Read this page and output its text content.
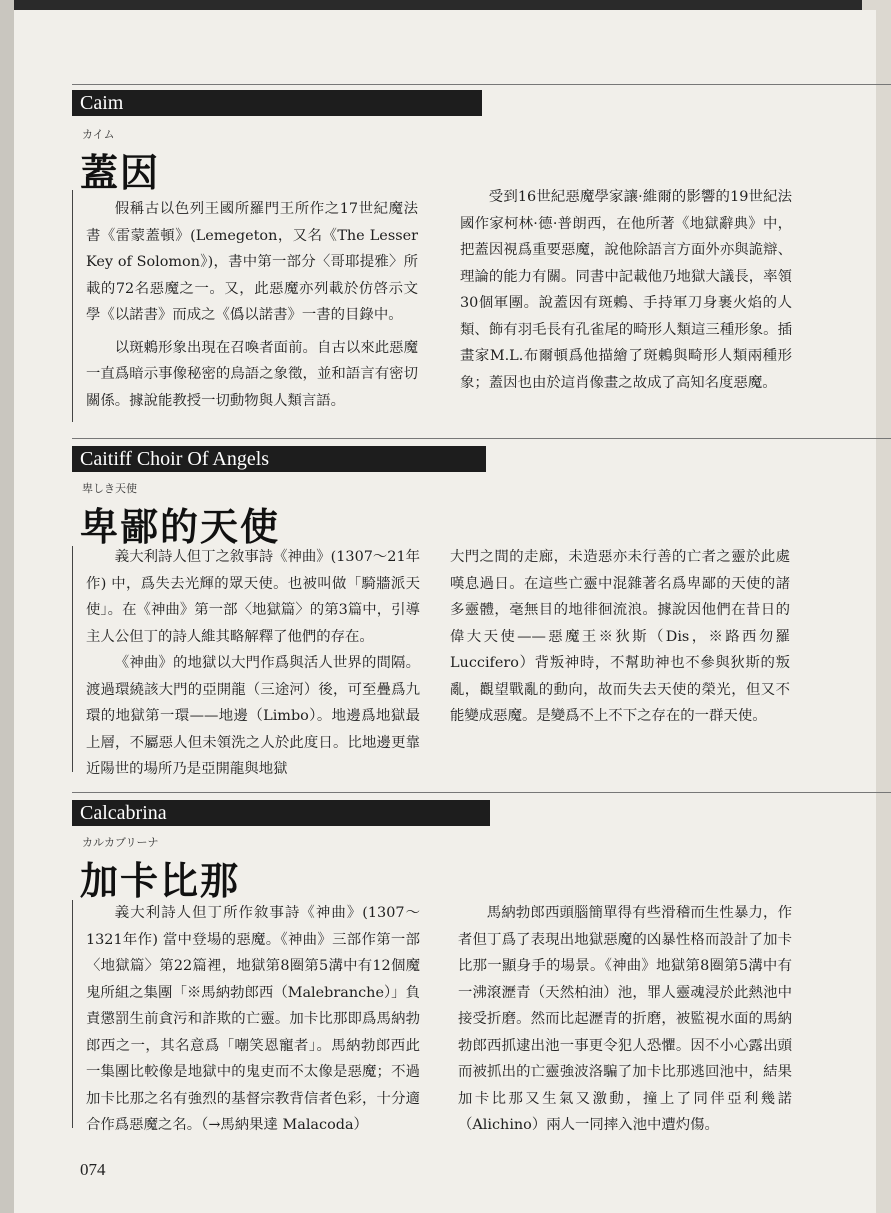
Caim
カイム
蓋因

假稱古以色列王國所羅門王所作之17世紀魔法書《雷蒙蓋頓》(Lemegeton，又名《The Lesser Key of Solomon》)，書中第一部分〈哥耶提雅〉所載的72名惡魔之一。又，此惡魔亦列載於仿啓示文學《以諾書》而成之《僞以諾書》一書的目錄中。

以斑鶇形象出現在召喚者面前。自古以來此惡魔一直爲暗示事像秘密的鳥語之象徵，並和語言有密切關係。據說能教授一切動物與人類言語。

受到16世紀惡魔學家讓·維爾的影響的19世紀法國作家柯林·德·普朗西，在他所著《地獄辭典》中，把蓋因視爲重要惡魔，說他除語言方面外亦與詭辯、理論的能力有關。同書中記載他乃地獄大議長，率領30個軍團。說蓋因有斑鶇、手持軍刀身裹火焰的人類、飾有羽毛長有孔雀尾的畸形人類這三種形象。插畫家M.L.布爾頓爲他描繪了斑鶇與畸形人類兩種形象；蓋因也由於這肖像畫之故成了高知名度惡魔。

Caitiff Choir Of Angels
卑しき天使
卑鄙的天使

義大利詩人但丁之敘事詩《神曲》(1307～21年作) 中，爲失去光輝的眾天使。也被叫做「騎牆派天使」。在《神曲》第一部〈地獄篇〉的第3篇中，引導主人公但丁的詩人維其略解釋了他們的存在。

《神曲》的地獄以大門作爲與活人世界的間隔。渡過環繞該大門的亞開龍（三途河）後，可至疊爲九環的地獄第一環——地邊（Limbo）。地邊爲地獄最上層，不屬惡人但未領洗之人於此度日。比地邊更靠近陽世的場所乃是亞開龍與地獄

大門之間的走廊，未造惡亦未行善的亡者之靈於此處嘆息過日。在這些亡靈中混雜著名爲卑鄙的天使的諸多靈體，毫無目的地徘徊流浪。據說因他們在昔日的偉大天使——惡魔王※狄斯（Dis，※路西勿羅 Luccifero）背叛神時，不幫助神也不參與狄斯的叛亂，觀望戰亂的動向，故而失去天使的榮光，但又不能變成惡魔。是變爲不上不下之存在的一群天使。

Calcabrina
カルカブリーナ
加卡比那

義大利詩人但丁所作敘事詩《神曲》(1307～1321年作) 當中登場的惡魔。《神曲》三部作第一部〈地獄篇〉第22篇裡，地獄第8圈第5溝中有12個魔鬼所組之集團「※馬納勃郎西（Malebranche）」負責懲罰生前貪污和詐欺的亡靈。加卡比那即爲馬納勃郎西之一，其名意爲「嘲笑恩寵者」。馬納勃郎西此一集團比較像是地獄中的鬼吏而不太像是惡魔；不過加卡比那之名有強烈的基督宗教背信者色彩，十分適合作爲惡魔之名。（→馬納果達 Malacoda）

馬納勃郎西頭腦簡單得有些滑稽而生性暴力，作者但丁爲了表現出地獄惡魔的凶暴性格而設計了加卡比那一顯身手的場景。《神曲》地獄第8圈第5溝中有一沸滾瀝青（天然柏油）池，罪人靈魂浸於此熱池中接受折磨。然而比起瀝青的折磨，被監視水面的馬納勃郎西抓逮出池一事更令犯人恐懼。因不小心露出頭而被抓出的亡靈強波洛騙了加卡比那逃回池中，結果加卡比那又生氣又激動，撞上了同伴亞利幾諾（Alichino）兩人一同摔入池中遭灼傷。

074
